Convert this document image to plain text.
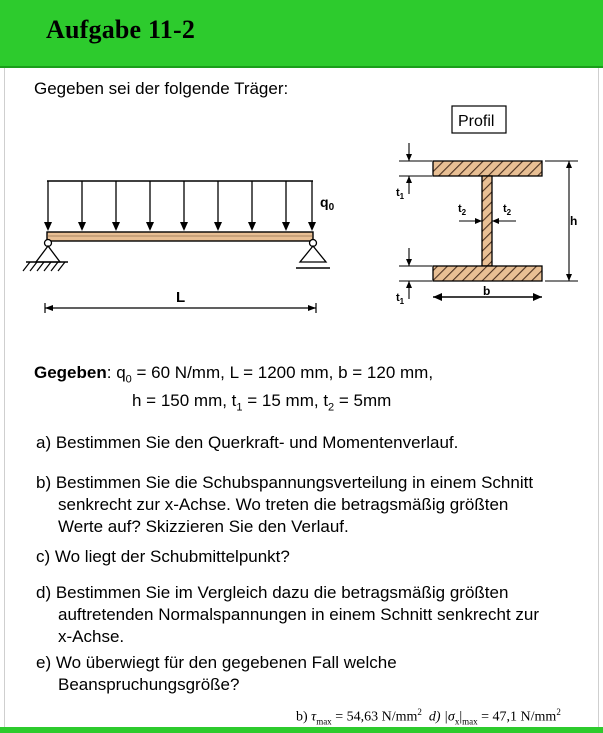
Aufgabe 11-2
Gegeben sei der folgende Träger:
$q_0$
L
Profil
$t_1$
$t_1$
$t_2$	$t_2$
h
b
Gegeben: $q_0 = 60$ N/mm, L = 1200 mm, b = 120 mm,
h = 150 mm, $t_1 = 15$ mm, $t_2 = 5mm$
a) Bestimmen Sie den Querkraft- und Momentenverlauf.
b) Bestimmen Sie die Schubspannungsverteilung in einem Schnitt
senkrecht zur x-Achse. Wo treten die betragsmäßig größten
Werte auf? Skizzieren Sie den Verlauf.
c) Wo liegt der Schubmittelpunkt?
d) Bestimmen Sie im Vergleich dazu die betragsmäßig größten
auftretenden Normalspannungen in einem Schnitt senkrecht zur
x-Achse.
e) Wo überwiegt für den gegebenen Fall welche
Beanspruchungsgröße?
b) $\tau_{max} = 54,63$ $N/mm^2$ d) $|\sigma_x|_{max} = 47,1$ $N/mm^2$
